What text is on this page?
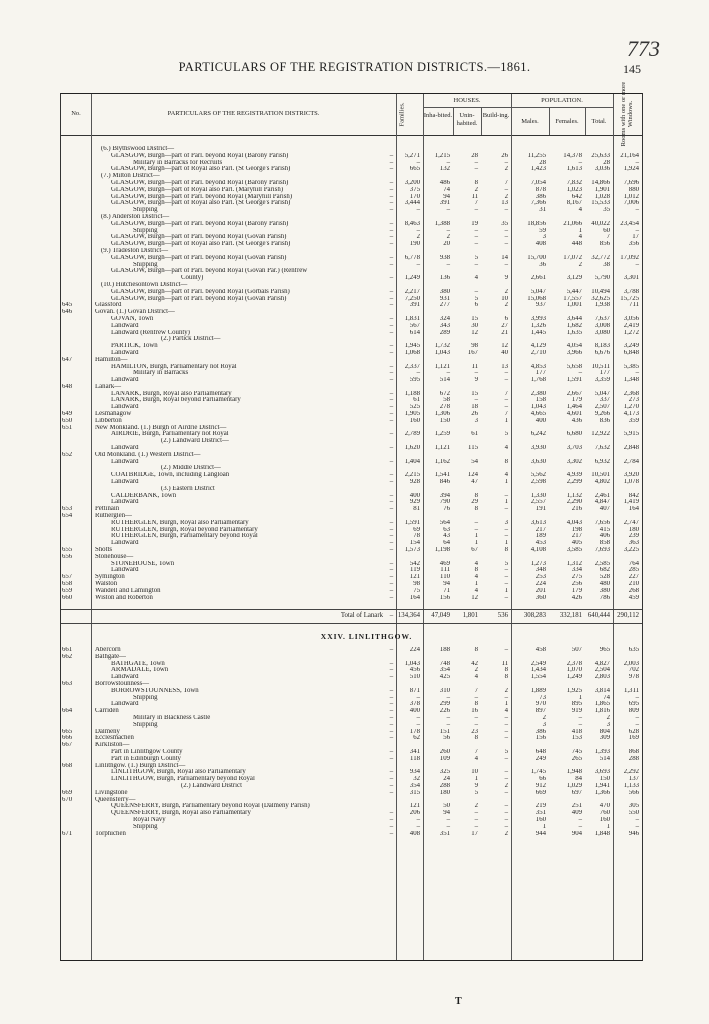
773
PARTICULARS OF THE REGISTRATION DISTRICTS.—1861.	145
No.	PARTICULARS OF THE REGISTRATION DISTRICTS.	Families.
HOUSES.
Inha-bited.	Unin-habited.
Build-ing.
POPULATION.
Males.	Females.	Total.	Rooms with one or more Windows.
	(6.) Blythswood District—									
	GLASGOW, Burgh—part of Parl. beyond Royal (Barony Parish)	–	5,271	1,215	28	26	11,255	14,378	25,633	21,164
	Military in Barracks for Recruits	–	–	–	–	–	28	–	28	–
	GLASGOW, Burgh—part of Royal also Parl. (St George's Parish)	–	665	132	–	2	1,423	1,613	3,036	1,924
	(7.) Milton District—									
	GLASGOW, Burgh—part of Parl. beyond Royal (Barony Parish)	–	3,200	486	8	7	7,054	7,832	14,866	7,696
	GLASGOW, Burgh—part of Royal also Parl. (Maryhill Parish)	–	375	74	2	–	878	1,023	1,901	880
	GLASGOW, Burgh—part of Parl. beyond Royal (Maryhill Parish)	–	170	94	11	2	386	642	1,028	1,012
	GLASGOW, Burgh—part of Royal also Parl. (St George's Parish)	–	3,444	391	7	13	7,366	8,167	15,533	7,006
	Shipping	–	–	–	–	–	31	4	35	–
	(8.) Anderston District—									
	GLASGOW, Burgh—part of Parl. beyond Royal (Barony Parish)	–	8,463	1,388	19	35	18,856	21,066	40,022	23,454
	Shipping	–	–	–	–	–	59	1	60	–
	GLASGOW, Burgh—part of Parl. beyond Royal (Govan Parish)	–	2	2	–	–	3	4	7	17
	GLASGOW, Burgh—part of Royal also Parl. (St George's Parish)	–	190	20	–	–	408	448	856	356
	(9.) Tradeston District—									
	GLASGOW, Burgh—part of Parl. beyond Royal (Govan Parish)	–	6,778	938	5	14	15,700	17,072	32,772	17,092
	Shipping	–	–	–	–	–	36	2	38	–
	GLASGOW, Burgh—part of Parl. beyond Royal (Govan Par.) (Renfrew									
	County)	–	1,249	136	4	9	2,661	3,129	5,790	3,301
	(10.) Hutchesontown District—									
	GLASGOW, Burgh—part of Parl. beyond Royal (Gorbals Parish)	–	2,217	380	–	2	5,047	5,447	10,494	3,788
	GLASGOW, Burgh—part of Parl. beyond Royal (Govan Parish)	–	7,250	931	5	10	15,068	17,557	32,625	15,725
645	Glassford	–	391	277	6	2	937	1,001	1,938	711
646	Govan. (1.) Govan District—									
	GOVAN, Town	–	1,831	324	15	6	3,993	3,644	7,637	3,056
	Landward	–	567	343	30	27	1,326	1,682	3,008	2,419
	Landward (Renfrew County)	–	614	289	12	21	1,445	1,635	3,080	1,272
	(2.) Partick District—									
	PARTICK, Town	–	1,945	1,732	98	12	4,129	4,054	8,183	3,249
	Landward	–	1,068	1,043	167	40	2,710	3,966	6,676	6,848
647	Hamilton—									
	HAMILTON, Burgh, Parliamentary not Royal	–	2,337	1,121	11	13	4,853	5,658	10,511	5,385
	Military in Barracks	–	–	–	–	–	177	–	177	–
	Landward	–	595	514	9	–	1,768	1,591	3,359	1,348
648	Lanark—									
	LANARK, Burgh, Royal also Parliamentary	–	1,188	672	15	7	2,380	2,667	5,047	2,368
	LANARK, Burgh, Royal beyond Parliamentary	–	61	58	–	–	158	179	337	273
	Landward	–	525	278	18	–	1,043	1,464	2,507	1,270
649	Lesmahagow	–	1,905	1,306	26	7	4,665	4,601	9,266	4,173
650	Libberton	–	160	150	3	1	400	436	836	359
651	New Monkland. (1.) Burgh of Airdrie District—									
	AIRDRIE, Burgh, Parliamentary not Royal	–	2,789	1,259	61	5	6,242	6,680	12,922	5,915
	(2.) Landward District—									
	Landward	–	1,620	1,121	115	4	3,930	3,703	7,632	2,848
652	Old Monkland. (1.) Western District—									
	Landward	–	1,404	1,162	54	8	3,630	3,302	6,932	2,784
	(2.) Middle District—									
	COATBRIDGE, Town, including Langloan	–	2,215	1,541	124	4	5,562	4,939	10,501	3,920
	Landward	–	928	846	47	1	2,598	2,299	4,802	1,078
	(3.) Eastern District									
	CALDERBANK, Town	–	400	394	8	–	1,330	1,132	2,461	842
	Landward	–	929	790	29	1	2,557	2,290	4,847	1,419
653	Pettinain	–	81	76	8	–	191	216	407	164
654	Rutherglen—									
	RUTHERGLEN, Burgh, Royal also Parliamentary	–	1,591	564	–	3	3,613	4,043	7,656	2,747
	RUTHERGLEN, Burgh, Royal beyond Parliamentary	–	69	63	–	–	217	198	415	180
	RUTHERGLEN, Burgh, Parliamentary beyond Royal	–	78	43	1	–	189	217	406	239
	Landward	–	154	64	1	1	453	405	858	363
655	Shotts	–	1,573	1,198	67	8	4,108	3,585	7,693	3,225
656	Stonehouse—									
	STONEHOUSE, Town	–	542	469	4	5	1,273	1,312	2,585	764
	Landward	–	119	111	8	–	348	334	682	285
657	Symington	–	121	110	4	–	253	275	528	227
658	Walston	–	98	94	1	–	224	256	480	210
659	Wandell and Lamington	–	75	71	4	1	201	179	380	268
660	Wiston and Roberton	–	164	156	12	–	360	426	786	459

	Total of Lanark	–	134,364	47,049	1,801	536	308,283	332,181	640,444	290,112
	XXIV. LINLITHGOW.									
661	Abercorn	–	224	188	8	–	458	507	965	635
662	Bathgate—									
	BATHGATE, Town	–	1,043	748	42	11	2,549	2,378	4,827	2,003
	ARMADALE, Town	–	456	354	2	8	1,434	1,070	2,504	702
	Landward	–	510	425	4	8	1,554	1,249	2,803	978
663	Borrowstounness—									
	BORROWSTOUNNESS, Town	–	871	310	7	2	1,889	1,925	3,814	1,311
	Shipping	–	–	–	–	–	73	1	74	–
	Landward	–	378	299	8	1	970	895	1,865	695
664	Carriden	–	400	226	16	4	897	919	1,816	809
	Military in Blackness Castle	–	–	–	–	–	2	–	2	–
	Shipping	–	–	–	–	–	3	–	3	–
665	Dalmeny	–	178	151	23	–	386	418	804	628
666	Ecclesmachen	–	62	56	8	–	156	153	309	169
667	Kirkliston—									
	Part in Linlithgow County	–	341	260	7	5	648	745	1,393	868
	Part in Edinburgh County	–	118	109	4	–	249	265	514	288
668	Linlithgow. (1.) Burgh District—									
	LINLITHGOW, Burgh, Royal also Parliamentary	–	934	325	10	–	1,745	1,948	3,693	2,292
	LINLITHGOW, Burgh, Parliamentary beyond Royal	–	32	24	1	–	66	84	150	137
	(2.) Landward District	–	354	288	9	2	912	1,029	1,941	1,133
669	Livingstone	–	315	180	5	–	669	697	1,366	566
670	Queensferry—									
	QUEENSFERRY, Burgh, Parliamentary beyond Royal (Dalmeny Parish)		121	50	2	–	219	251	470	305
	QUEENSFERRY, Burgh, Royal also Parliamentary	–	206	94	–	–	351	409	760	550
	Royal Navy	–	–	–	–	–	160	–	160	–
	Shipping	–	–	–	–	–	1	–	1	–
671	Torphichen	–	408	351	17	2	944	904	1,848	946
T
